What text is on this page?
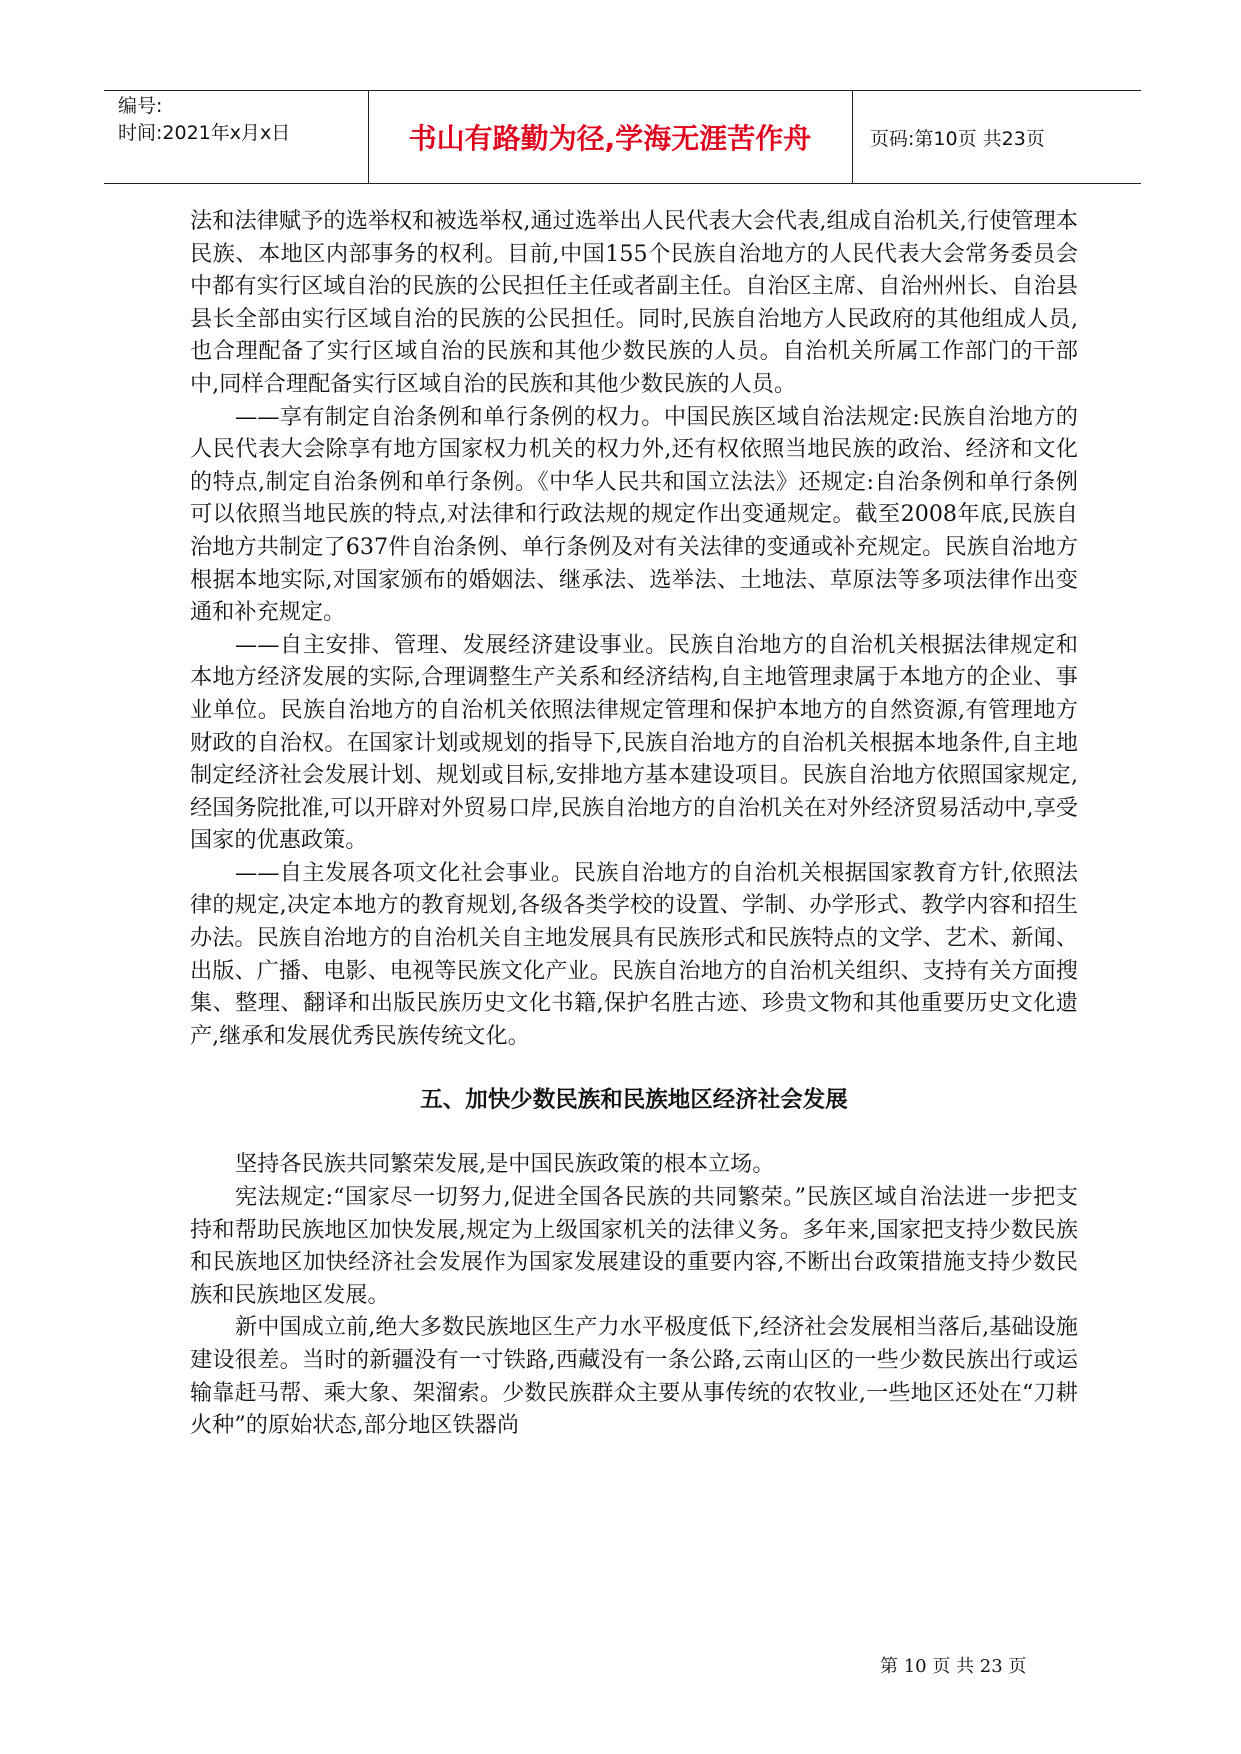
编号:
时间:2021年x月x日	书山有路勤为径,学海无涯苦作舟	页码:第10页 共23页

法和法律赋予的选举权和被选举权,通过选举出人民代表大会代表,组成自治机关,行使管理本民族、本地区内部事务的权利。目前,中国155个民族自治地方的人民代表大会常务委员会中都有实行区域自治的民族的公民担任主任或者副主任。自治区主席、自治州州长、自治县县长全部由实行区域自治的民族的公民担任。同时,民族自治地方人民政府的其他组成人员,也合理配备了实行区域自治的民族和其他少数民族的人员。自治机关所属工作部门的干部中,同样合理配备实行区域自治的民族和其他少数民族的人员。

——享有制定自治条例和单行条例的权力。中国民族区域自治法规定:民族自治地方的人民代表大会除享有地方国家权力机关的权力外,还有权依照当地民族的政治、经济和文化的特点,制定自治条例和单行条例。《中华人民共和国立法法》还规定:自治条例和单行条例可以依照当地民族的特点,对法律和行政法规的规定作出变通规定。截至2008年底,民族自治地方共制定了637件自治条例、单行条例及对有关法律的变通或补充规定。民族自治地方根据本地实际,对国家颁布的婚姻法、继承法、选举法、土地法、草原法等多项法律作出变通和补充规定。

——自主安排、管理、发展经济建设事业。民族自治地方的自治机关根据法律规定和本地方经济发展的实际,合理调整生产关系和经济结构,自主地管理隶属于本地方的企业、事业单位。民族自治地方的自治机关依照法律规定管理和保护本地方的自然资源,有管理地方财政的自治权。在国家计划或规划的指导下,民族自治地方的自治机关根据本地条件,自主地制定经济社会发展计划、规划或目标,安排地方基本建设项目。民族自治地方依照国家规定,经国务院批准,可以开辟对外贸易口岸,民族自治地方的自治机关在对外经济贸易活动中,享受国家的优惠政策。

——自主发展各项文化社会事业。民族自治地方的自治机关根据国家教育方针,依照法律的规定,决定本地方的教育规划,各级各类学校的设置、学制、办学形式、教学内容和招生办法。民族自治地方的自治机关自主地发展具有民族形式和民族特点的文学、艺术、新闻、出版、广播、电影、电视等民族文化产业。民族自治地方的自治机关组织、支持有关方面搜集、整理、翻译和出版民族历史文化书籍,保护名胜古迹、珍贵文物和其他重要历史文化遗产,继承和发展优秀民族传统文化。

五、加快少数民族和民族地区经济社会发展

坚持各民族共同繁荣发展,是中国民族政策的根本立场。

宪法规定:“国家尽一切努力,促进全国各民族的共同繁荣。”民族区域自治法进一步把支持和帮助民族地区加快发展,规定为上级国家机关的法律义务。多年来,国家把支持少数民族和民族地区加快经济社会发展作为国家发展建设的重要内容,不断出台政策措施支持少数民族和民族地区发展。

新中国成立前,绝大多数民族地区生产力水平极度低下,经济社会发展相当落后,基础设施建设很差。当时的新疆没有一寸铁路,西藏没有一条公路,云南山区的一些少数民族出行或运输靠赶马帮、乘大象、架溜索。少数民族群众主要从事传统的农牧业,一些地区还处在“刀耕火种”的原始状态,部分地区铁器尚

第 10 页 共 23 页
